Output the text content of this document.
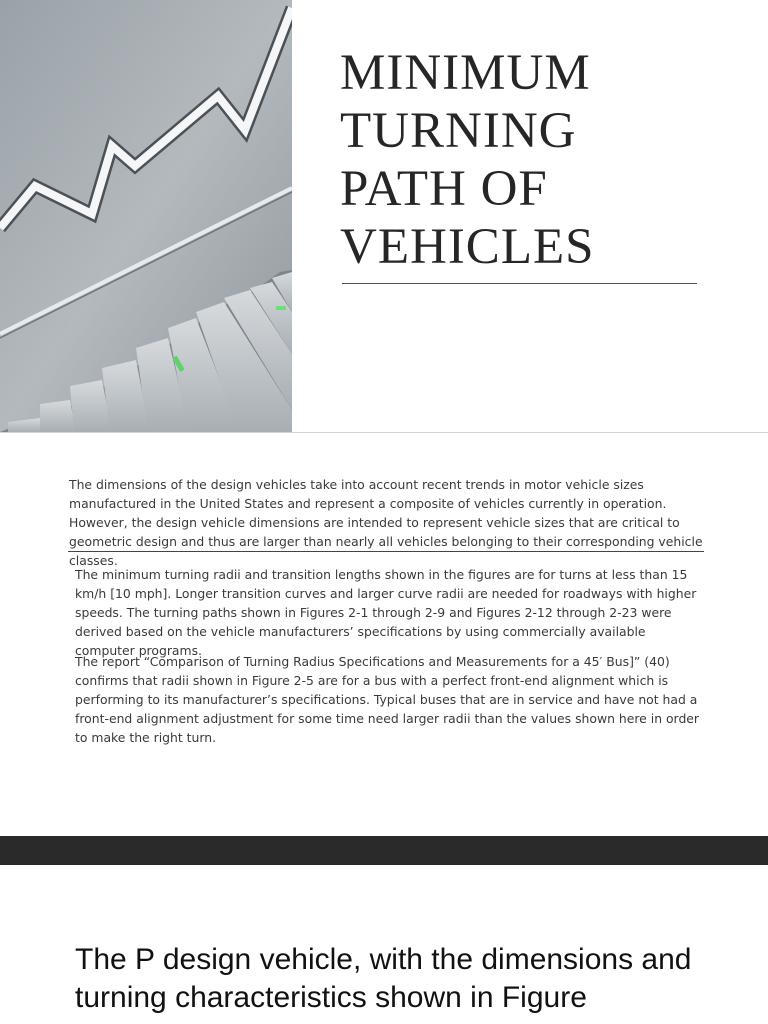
MINIMUM
TURNING
PATH OF
VEHICLES

The dimensions of the design vehicles take into account recent trends in motor vehicle sizes manufactured in the United States and represent a composite of vehicles currently in operation. However, the design vehicle dimensions are intended to represent vehicle sizes that are critical to geometric design and thus are larger than nearly all vehicles belonging to their corresponding vehicle classes.

The minimum turning radii and transition lengths shown in the figures are for turns at less than 15 km/h [10 mph]. Longer transition curves and larger curve radii are needed for roadways with higher speeds. The turning paths shown in Figures 2-1 through 2-9 and Figures 2-12 through 2-23 were derived based on the vehicle manufacturers’ specifications by using commercially available computer programs.

The report “Comparison of Turning Radius Specifications and Measurements for a 45′ Bus]” (40) confirms that radii shown in Figure 2-5 are for a bus with a perfect front-end alignment which is performing to its manufacturer’s specifications. Typical buses that are in service and have not had a front-end alignment adjustment for some time need larger radii than the values shown here in order to make the right turn.

The P design vehicle, with the dimensions and turning characteristics shown in Figure
